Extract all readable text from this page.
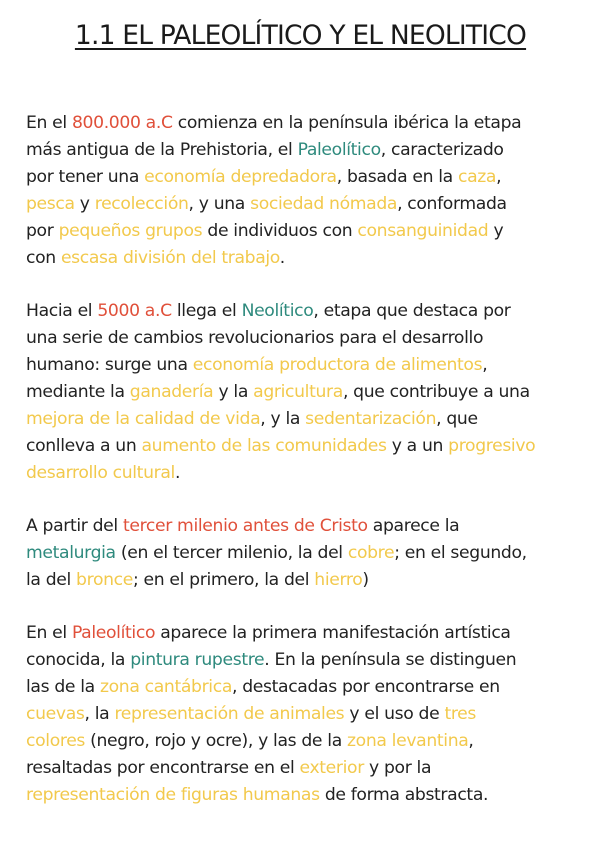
1.1 EL PALEOLÍTICO Y EL NEOLITICO

En el 800.000 a.C comienza en la península ibérica la etapa
más antigua de la Prehistoria, el Paleolítico, caracterizado
por tener una economía depredadora, basada en la caza,
pesca y recolección, y una sociedad nómada, conformada
por pequeños grupos de individuos con consanguinidad y
con escasa división del trabajo.

Hacia el 5000 a.C llega el Neolítico, etapa que destaca por
una serie de cambios revolucionarios para el desarrollo
humano: surge una economía productora de alimentos,
mediante la ganadería y la agricultura, que contribuye a una
mejora de la calidad de vida, y la sedentarización, que
conlleva a un aumento de las comunidades y a un progresivo
desarrollo cultural.

A partir del tercer milenio antes de Cristo aparece la
metalurgia (en el tercer milenio, la del cobre; en el segundo,
la del bronce; en el primero, la del hierro)

En el Paleolítico aparece la primera manifestación artística
conocida, la pintura rupestre. En la península se distinguen
las de la zona cantábrica, destacadas por encontrarse en
cuevas, la representación de animales y el uso de tres
colores (negro, rojo y ocre), y las de la zona levantina,
resaltadas por encontrarse en el exterior y por la
representación de figuras humanas de forma abstracta.
